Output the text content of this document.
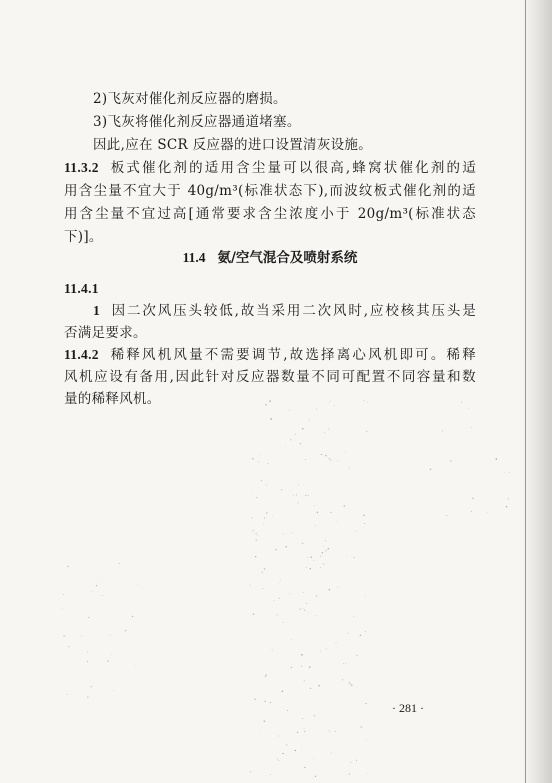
2)飞灰对催化剂反应器的磨损。
3)飞灰将催化剂反应器通道堵塞。
因此,应在 SCR 反应器的进口设置清灰设施。
11.3.2 板式催化剂的适用含尘量可以很高,蜂窝状催化剂的适
用含尘量不宜大于 40g/m³(标准状态下),而波纹板式催化剂的适
用含尘量不宜过高[通常要求含尘浓度小于 20g/m³(标准状态
下)]。
11.4 氨/空气混合及喷射系统
11.4.1
1 因二次风压头较低,故当采用二次风时,应校核其压头是
否满足要求。
11.4.2 稀释风机风量不需要调节,故选择离心风机即可。稀释
风机应设有备用,因此针对反应器数量不同可配置不同容量和数
量的稀释风机。
· 281 ·
